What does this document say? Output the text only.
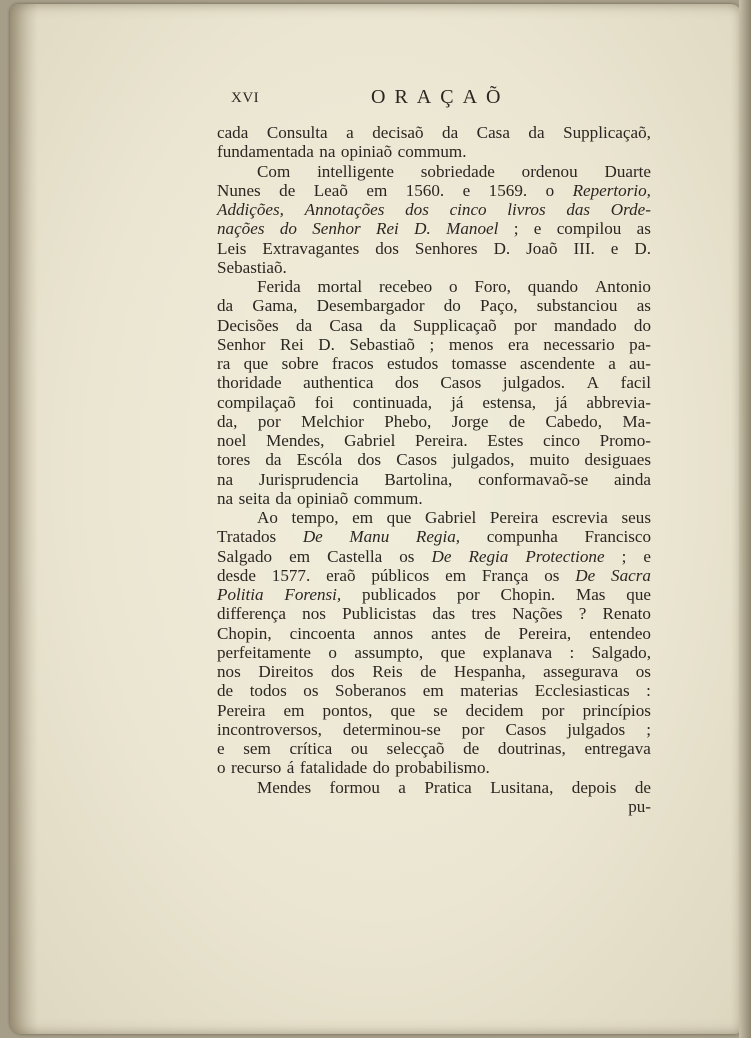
XVI	ORAÇAÕ
cada Consulta a decisaõ da Casa da Supplicaçaõ,
fundamentada na opiniaõ commum.
Com intelligente sobriedade ordenou Duarte
Nunes de Leaõ em 1560. e 1569. o Repertorio,
Addições, Annotações dos cinco livros das Orde-
nações do Senhor Rei D. Manoel ; e compilou as
Leis Extravagantes dos Senhores D. Joaõ III. e D.
Sebastiaõ.
Ferida mortal recebeo o Foro, quando Antonio
da Gama, Desembargador do Paço, substanciou as
Decisões da Casa da Supplicaçaõ por mandado do
Senhor Rei D. Sebastiaõ ; menos era necessario pa-
ra que sobre fracos estudos tomasse ascendente a au-
thoridade authentica dos Casos julgados. A facil
compilaçaõ foi continuada, já estensa, já abbrevia-
da, por Melchior Phebo, Jorge de Cabedo, Ma-
noel Mendes, Gabriel Pereira. Estes cinco Promo-
tores da Escóla dos Casos julgados, muito desiguaes
na Jurisprudencia Bartolina, conformavaõ-se ainda
na seita da opiniaõ commum.
Ao tempo, em que Gabriel Pereira escrevia seus
Tratados De Manu Regia, compunha Francisco
Salgado em Castella os De Regia Protectione ; e
desde 1577. eraõ públicos em França os De Sacra
Politia Forensi, publicados por Chopin. Mas que
differença nos Publicistas das tres Nações ? Renato
Chopin, cincoenta annos antes de Pereira, entendeo
perfeitamente o assumpto, que explanava : Salgado,
nos Direitos dos Reis de Hespanha, assegurava os
de todos os Soberanos em materias Ecclesiasticas :
Pereira em pontos, que se decidem por princípios
incontroversos, determinou-se por Casos julgados ;
e sem crítica ou selecçaõ de doutrinas, entregava
o recurso á fatalidade do probabilismo.
Mendes formou a Pratica Lusitana, depois de
pu-
